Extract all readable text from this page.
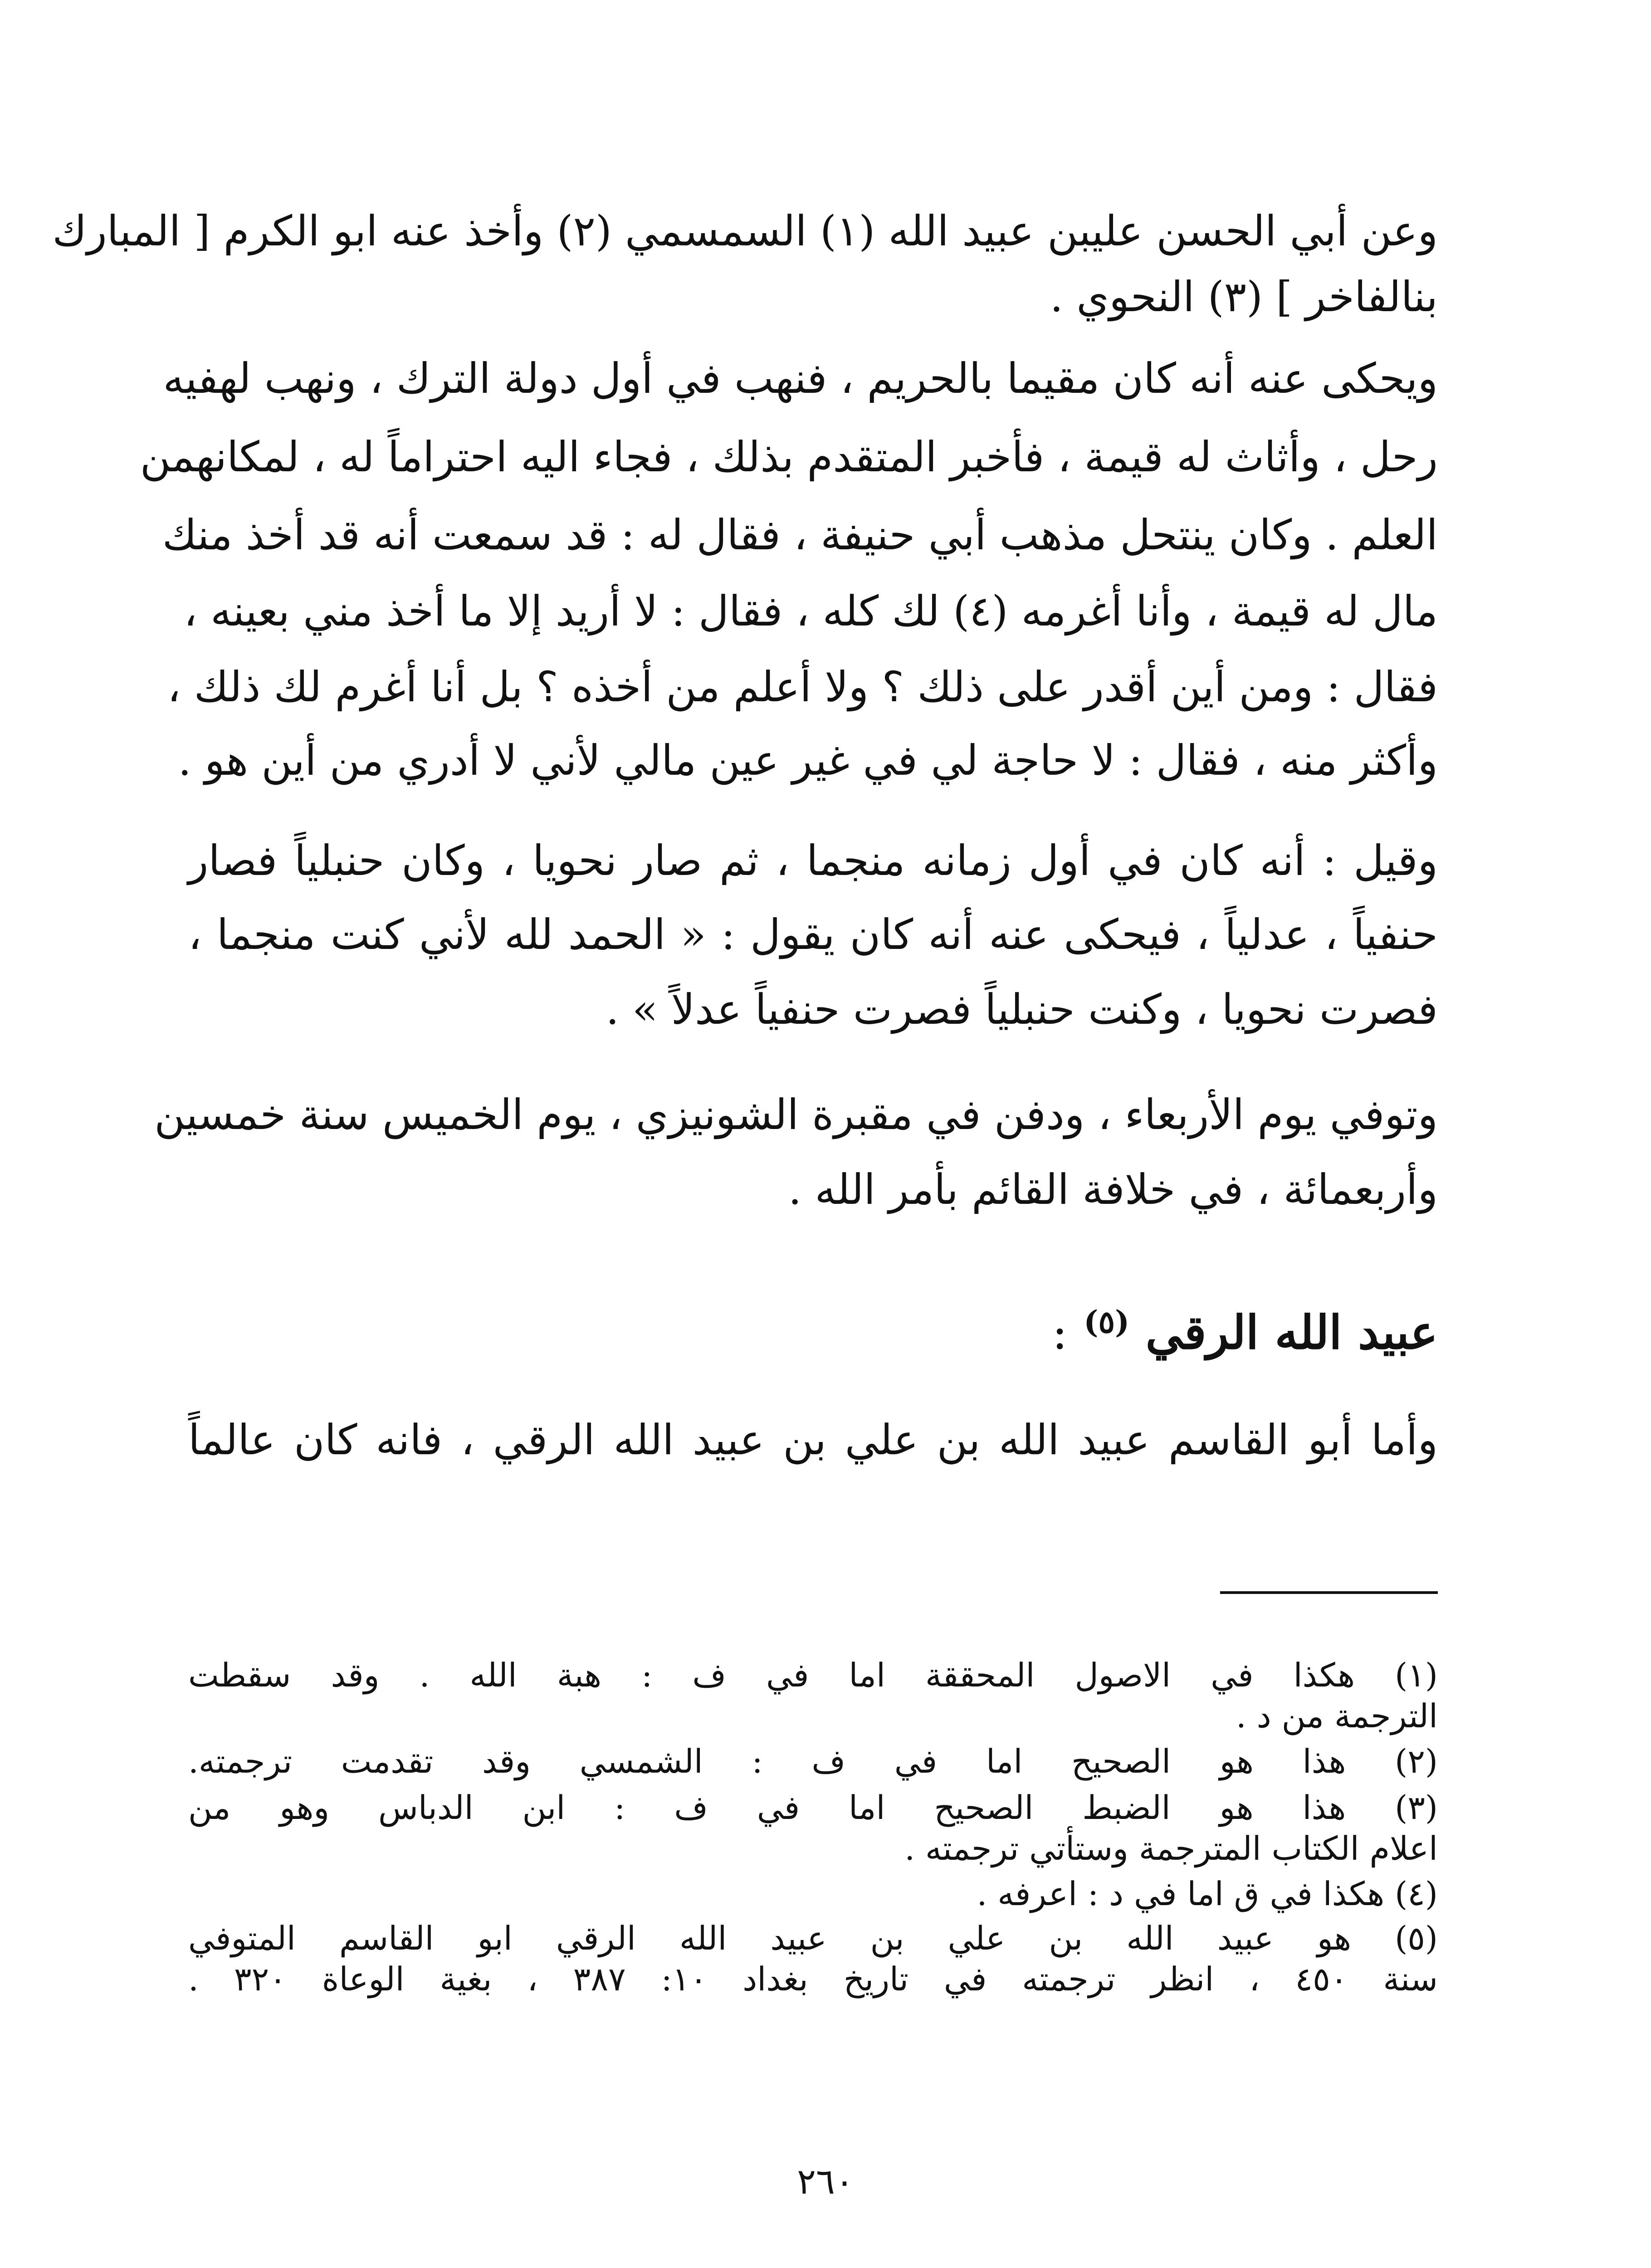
وعن أبي الحسن عليبن عبيد الله (١) السمسمي (٢) وأخذ عنه ابو الكرم [ المبارك
بنالفاخر ] (٣) النحوي .
ويحكى عنه أنه كان مقيما بالحريم ، فنهب في أول دولة الترك ، ونهب لهفيه
رحل ، وأثاث له قيمة ، فأخبر المتقدم بذلك ، فجاء اليه احتراماً له ، لمكانهمن
العلم . وكان ينتحل مذهب أبي حنيفة ، فقال له : قد سمعت أنه قد أخذ منك
مال له قيمة ، وأنا أغرمه (٤) لك كله ، فقال : لا أريد إلا ما أخذ مني بعينه ،
فقال : ومن أين أقدر على ذلك ؟ ولا أعلم من أخذه ؟ بل أنا أغرم لك ذلك ،
وأكثر منه ، فقال : لا حاجة لي في غير عين مالي لأني لا أدري من أين هو .
وقيل : أنه كان في أول زمانه منجما ، ثم صار نحويا ، وكان حنبلياً فصار
حنفياً ، عدلياً ، فيحكى عنه أنه كان يقول : « الحمد لله لأني كنت منجما ،
فصرت نحويا ، وكنت حنبلياً فصرت حنفياً عدلاً » .
وتوفي يوم الأربعاء ، ودفن في مقبرة الشونيزي ، يوم الخميس سنة خمسين
وأربعمائة ، في خلافة القائم بأمر الله .
عبيد الله الرقي $^{(٥)}$ :
وأما أبو القاسم عبيد الله بن علي بن عبيد الله الرقي ، فانه كان عالماً
(١) هكذا في الاصول المحققة اما في ف : هبة الله . وقد سقطت
الترجمة من د .
(٢) هذا هو الصحيح اما في ف : الشمسي وقد تقدمت ترجمته.
(٣) هذا هو الضبط الصحيح اما في ف : ابن الدباس وهو من
اعلام الكتاب المترجمة وستأتي ترجمته .
(٤) هكذا في ق اما في د : اعرفه .
(٥) هو عبيد الله بن علي بن عبيد الله الرقي ابو القاسم المتوفي
سنة ٤٥٠ ، انظر ترجمته في تاريخ بغداد ١٠: ٣٨٧ ، بغية الوعاة ٣٢٠ .
٢٦٠
